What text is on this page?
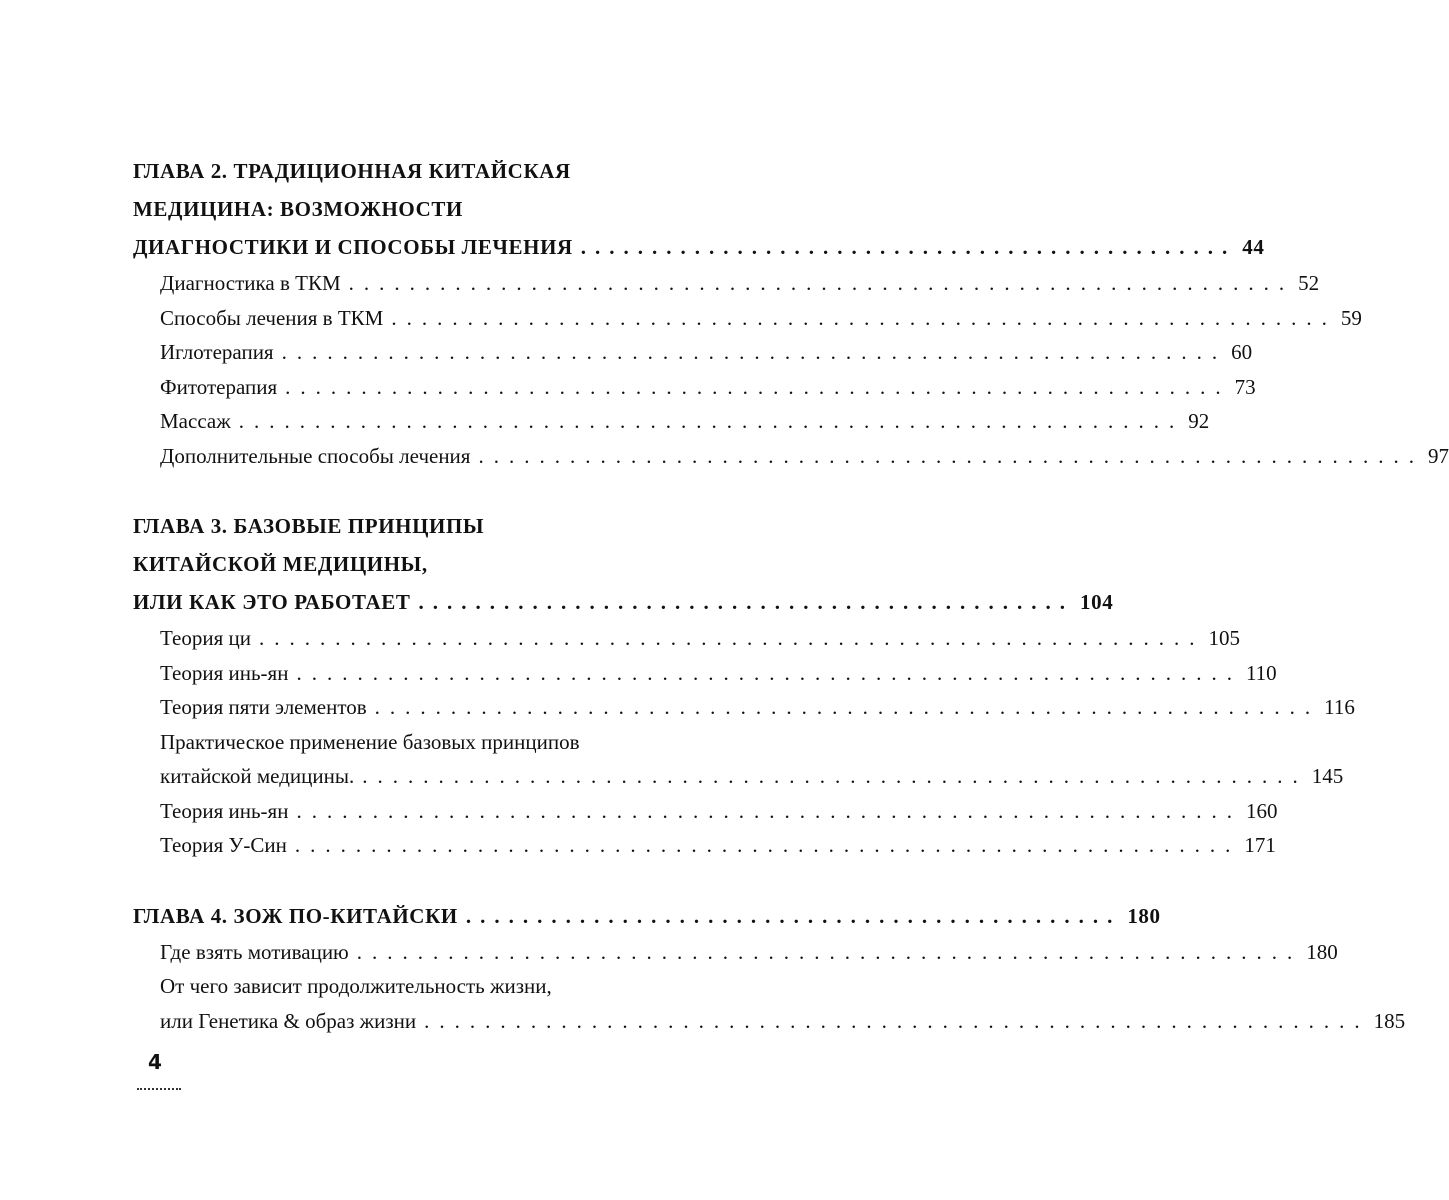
ГЛАВА 2. ТРАДИЦИОННАЯ КИТАЙСКАЯ
МЕДИЦИНА: ВОЗМОЖНОСТИ
ДИАГНОСТИКИ И СПОСОБЫ ЛЕЧЕНИЯ .............................................. 44
Диагностика в ТКМ .............................................................. 52
Способы лечения в ТКМ .............................................................. 59
Иглотерапия .............................................................. 60
Фитотерапия .............................................................. 73
Массаж .............................................................. 92
Дополнительные способы лечения .............................................................. 97
ГЛАВА 3. БАЗОВЫЕ ПРИНЦИПЫ
КИТАЙСКОЙ МЕДИЦИНЫ,
ИЛИ КАК ЭТО РАБОТАЕТ .............................................. 104
Теория ци .............................................................. 105
Теория инь-ян .............................................................. 110
Теория пяти элементов .............................................................. 116
Практическое применение базовых принципов
китайской медицины. .............................................................. 145
Теория инь-ян .............................................................. 160
Теория У-Син .............................................................. 171
ГЛАВА 4. ЗОЖ ПО-КИТАЙСКИ .............................................. 180
Где взять мотивацию .............................................................. 180
От чего зависит продолжительность жизни,
или Генетика & образ жизни .............................................................. 185
4
